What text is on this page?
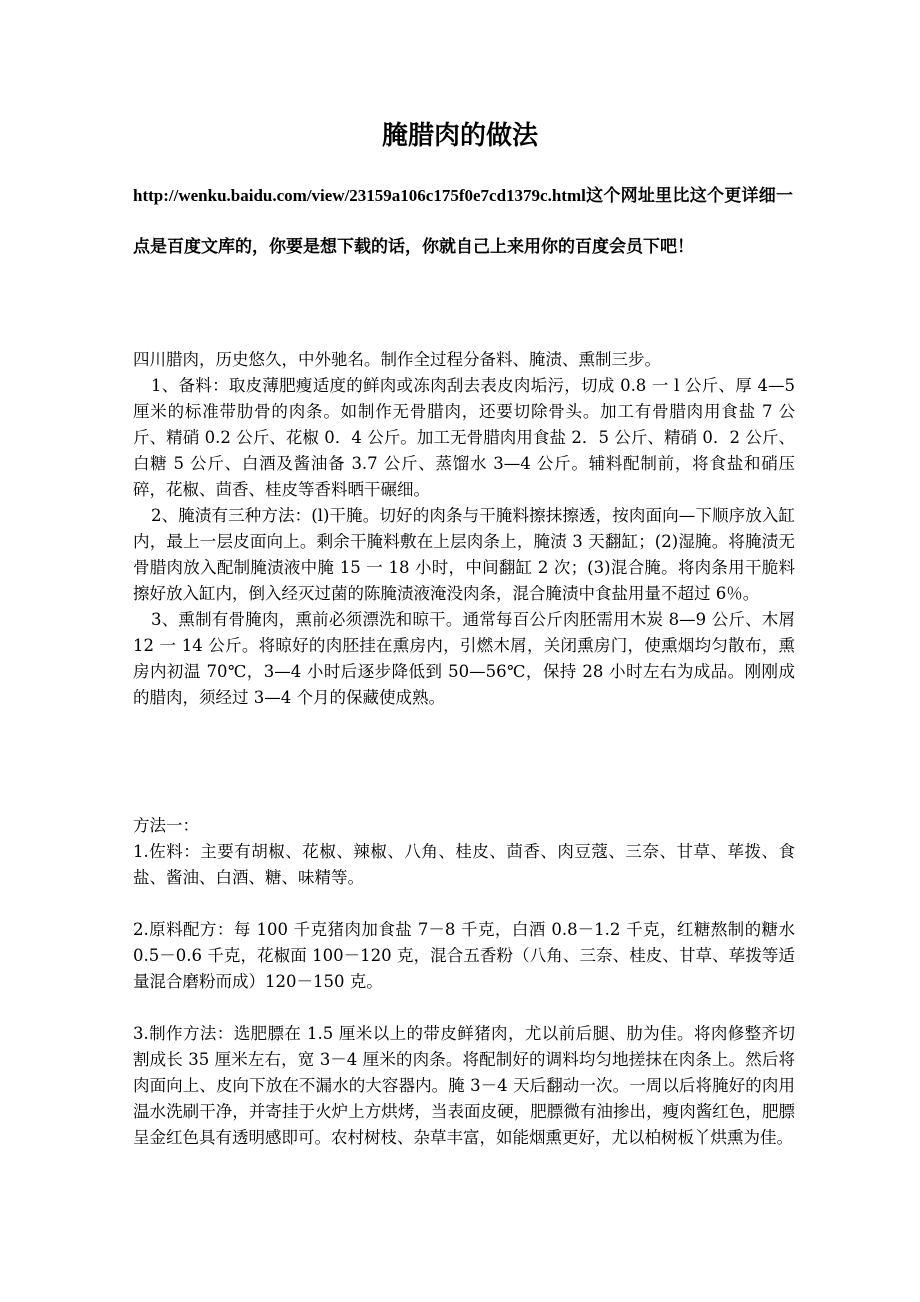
腌腊肉的做法

http://wenku.baidu.com/view/23159a106c175f0e7cd1379c.html这个网址里比这个更详细一点是百度文库的，你要是想下载的话，你就自己上来用你的百度会员下吧！

四川腊肉，历史悠久，中外驰名。制作全过程分备料、腌渍、熏制三步。

1、备料：取皮薄肥瘦适度的鲜肉或冻肉刮去表皮肉垢污，切成 0.8 一 l 公斤、厚 4—5 厘米的标准带肋骨的肉条。如制作无骨腊肉，还要切除骨头。加工有骨腊肉用食盐 7 公斤、精硝 0.2 公斤、花椒 0．4 公斤。加工无骨腊肉用食盐 2．5 公斤、精硝 0．2 公斤、白糖 5 公斤、白酒及酱油备 3.7 公斤、蒸馏水 3—4 公斤。辅料配制前，将食盐和硝压碎，花椒、茴香、桂皮等香料晒干碾细。

2、腌渍有三种方法：(l)干腌。切好的肉条与干腌料擦抹擦透，按肉面向—下顺序放入缸内，最上一层皮面向上。剩余干腌料敷在上层肉条上，腌渍 3 天翻缸；(2)湿腌。将腌渍无骨腊肉放入配制腌渍液中腌 15 一 18 小时，中间翻缸 2 次；(3)混合腌。将肉条用干脆料擦好放入缸内，倒入经灭过菌的陈腌渍液淹没肉条，混合腌渍中食盐用量不超过 6％。

3、熏制有骨腌肉，熏前必须漂洗和晾干。通常每百公斤肉胚需用木炭 8—9 公斤、木屑 12 一 14 公斤。将晾好的肉胚挂在熏房内，引燃木屑，关闭熏房门，使熏烟均匀散布，熏房内初温 70℃，3—4 小时后逐步降低到 50—56℃，保持 28 小时左右为成品。刚刚成的腊肉，须经过 3—4 个月的保藏使成熟。

方法一：

1.佐料：主要有胡椒、花椒、辣椒、八角、桂皮、茴香、肉豆蔻、三奈、甘草、荜拨、食盐、酱油、白酒、糖、味精等。

2.原料配方：每 100 千克猪肉加食盐 7－8 千克，白酒 0.8－1.2 千克，红糖熬制的糖水 0.5－0.6 千克，花椒面 100－120 克，混合五香粉（八角、三奈、桂皮、甘草、荜拨等适量混合磨粉而成）120－150 克。

3.制作方法：选肥膘在 1.5 厘米以上的带皮鲜猪肉，尤以前后腿、肋为佳。将肉修整齐切割成长 35 厘米左右，宽 3－4 厘米的肉条。将配制好的调料均匀地搓抹在肉条上。然后将肉面向上、皮向下放在不漏水的大容器内。腌 3－4 天后翻动一次。一周以后将腌好的肉用温水洗刷干净，并寄挂于火炉上方烘烤，当表面皮硬，肥膘微有油掺出，瘦肉酱红色，肥膘呈金红色具有透明感即可。农村树枝、杂草丰富，如能烟熏更好，尤以柏树板丫烘熏为佳。
